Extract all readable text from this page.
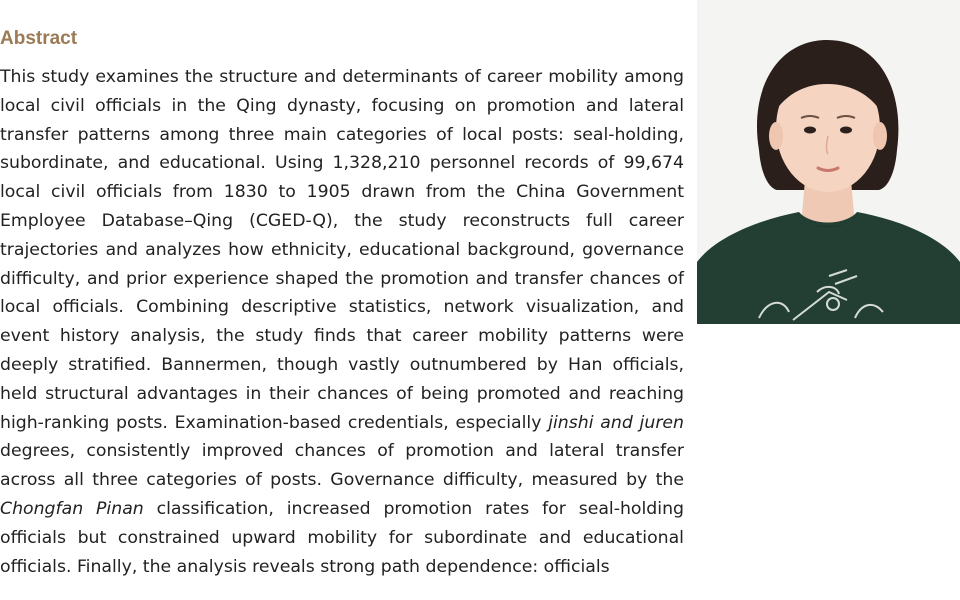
Abstract

This study examines the structure and determinants of career mobility among local civil officials in the Qing dynasty, focusing on promotion and lateral transfer patterns among three main categories of local posts: seal-holding, subordinate, and educational. Using 1,328,210 personnel records of 99,674 local civil officials from 1830 to 1905 drawn from the China Government Employee Database–Qing (CGED-Q), the study reconstructs full career trajectories and analyzes how ethnicity, educational background, governance difficulty, and prior experience shaped the promotion and transfer chances of local officials. Combining descriptive statistics, network visualization, and event history analysis, the study finds that career mobility patterns were deeply stratified. Bannermen, though vastly outnumbered by Han officials, held structural advantages in their chances of being promoted and reaching high-ranking posts. Examination-based credentials, especially jinshi and juren degrees, consistently improved chances of promotion and lateral transfer across all three categories of posts. Governance difficulty, measured by the Chongfan Pinan classification, increased promotion rates for seal-holding officials but constrained upward mobility for subordinate and educational officials. Finally, the analysis reveals strong path dependence: officials
